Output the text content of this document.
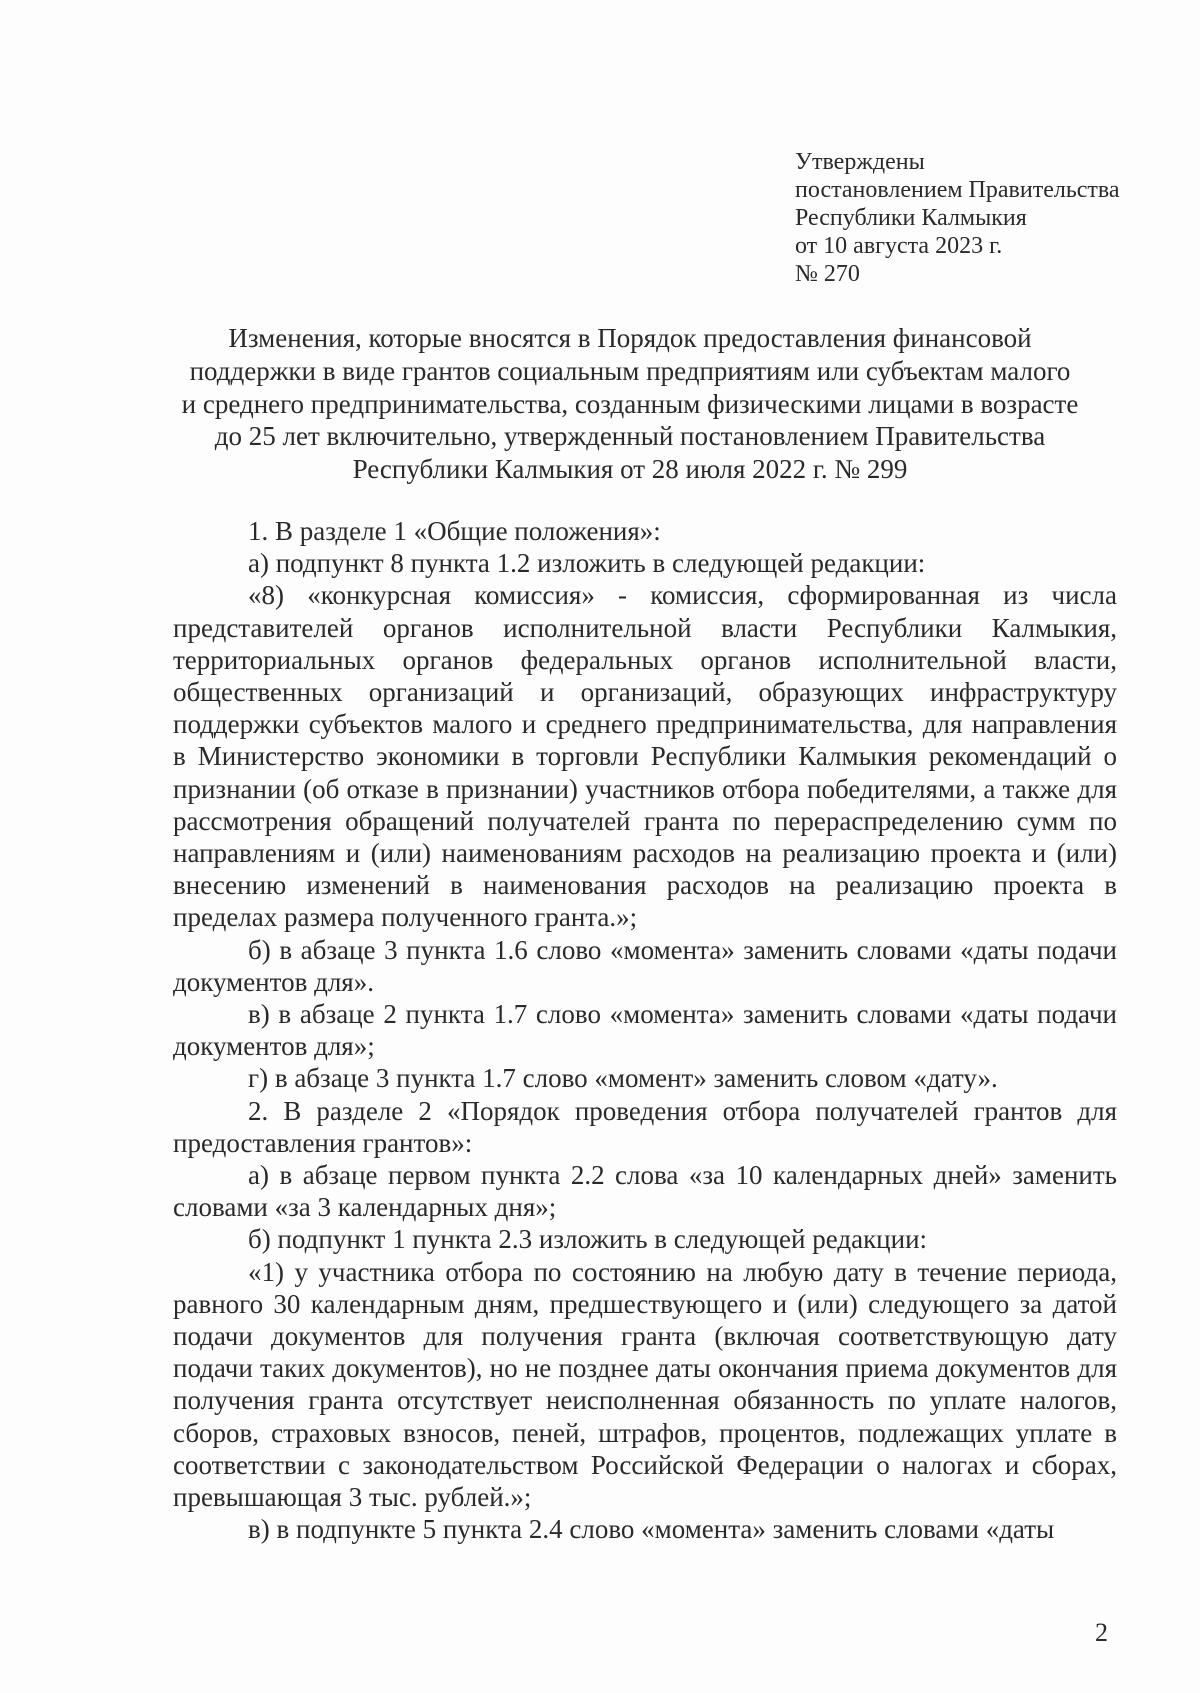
Утверждены
постановлением Правительства
Республики Калмыкия
от 10 августа 2023 г.
№ 270
Изменения, которые вносятся в Порядок предоставления финансовой
поддержки в виде грантов социальным предприятиям или субъектам малого
и среднего предпринимательства, созданным физическими лицами в возрасте
до 25 лет включительно, утвержденный постановлением Правительства
Республики Калмыкия от 28 июля 2022 г. № 299

1. В разделе 1 «Общие положения»:

а) подпункт 8 пункта 1.2 изложить в следующей редакции:

«8) «конкурсная комиссия» - комиссия, сформированная из числа представителей органов исполнительной власти Республики Калмыкия, территориальных органов федеральных органов исполнительной власти, общественных организаций и организаций, образующих инфраструктуру поддержки субъектов малого и среднего предпринимательства, для направления в Министерство экономики в торговли Республики Калмыкия рекомендаций о признании (об отказе в признании) участников отбора победителями, а также для рассмотрения обращений получателей гранта по перераспределению сумм по направлениям и (или) наименованиям расходов на реализацию проекта и (или) внесению изменений в наименования расходов на реализацию проекта в пределах размера полученного гранта.»;

б) в абзаце 3 пункта 1.6 слово «момента» заменить словами «даты подачи документов для».

в) в абзаце 2 пункта 1.7 слово «момента» заменить словами «даты подачи документов для»;

г) в абзаце 3 пункта 1.7 слово «момент» заменить словом «дату».

2. В разделе 2 «Порядок проведения отбора получателей грантов для предоставления грантов»:

а) в абзаце первом пункта 2.2 слова «за 10 календарных дней» заменить словами «за 3 календарных дня»;

б) подпункт 1 пункта 2.3 изложить в следующей редакции:

«1) у участника отбора по состоянию на любую дату в течение периода, равного 30 календарным дням, предшествующего и (или) следующего за датой подачи документов для получения гранта (включая соответствующую дату подачи таких документов), но не позднее даты окончания приема документов для получения гранта отсутствует неисполненная обязанность по уплате налогов, сборов, страховых взносов, пеней, штрафов, процентов, подлежащих уплате в соответствии с законодательством Российской Федерации о налогах и сборах, превышающая 3 тыс. рублей.»;

в) в подпункте 5 пункта 2.4 слово «момента» заменить словами «даты

2
